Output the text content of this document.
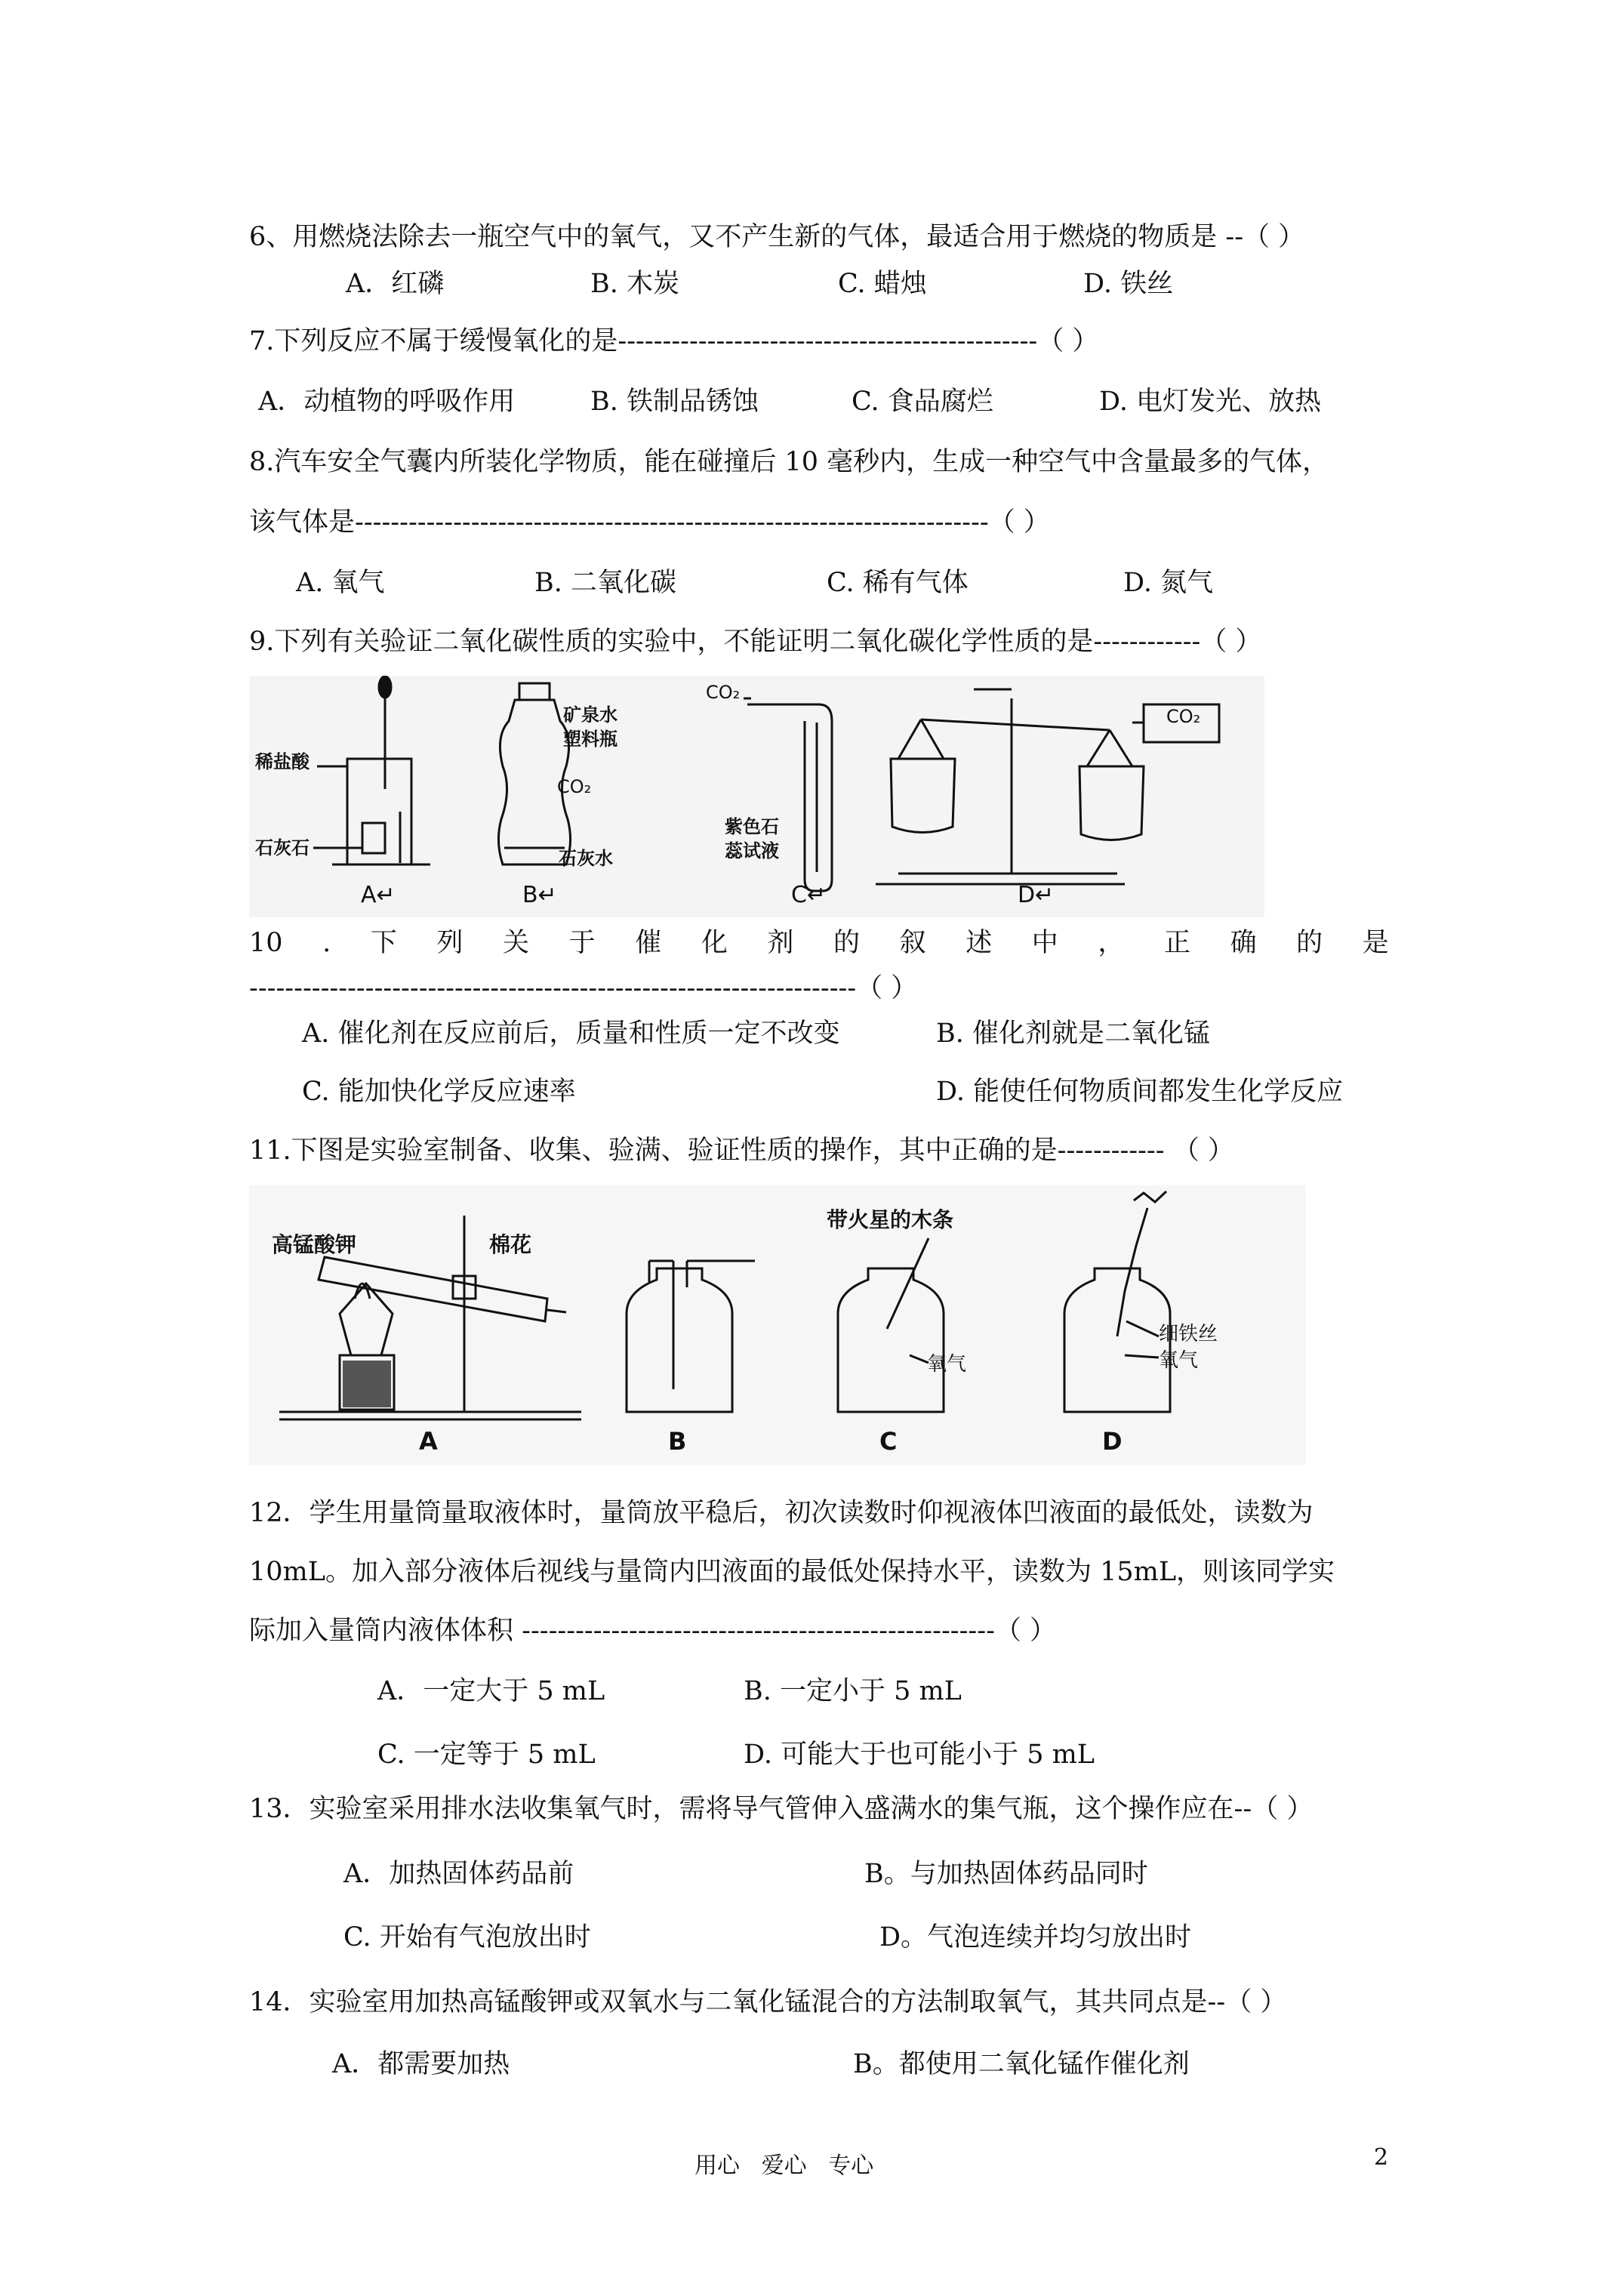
6、用燃烧法除去一瓶空气中的氧气，又不产生新的气体，最适合用于燃烧的物质是 --（ ）
A．红磷	B. 木炭	C. 蜡烛	D. 铁丝
7.下列反应不属于缓慢氧化的是-----------------------------------------------（ ）
A．动植物的呼吸作用	B. 铁制品锈蚀	C. 食品腐烂	D. 电灯发光、放热
8.汽车安全气囊内所装化学物质，能在碰撞后 10 毫秒内，生成一种空气中含量最多的气体，
该气体是-----------------------------------------------------------------------（ ）
A. 氧气	B. 二氧化碳	C. 稀有气体	D. 氮气
9.下列有关验证二氧化碳性质的实验中，不能证明二氧化碳化学性质的是------------（ ）
稀盐酸
石灰石
A↵
矿泉水
塑料瓶
CO₂
石灰水
B↵
CO₂
紫色石
蕊试液
C↵
CO₂
D↵
10 . 下 列 关 于 催 化 剂 的 叙 述 中 ， 正 确 的 是
--------------------------------------------------------------------（ ）
A. 催化剂在反应前后，质量和性质一定不改变	B. 催化剂就是二氧化锰
C. 能加快化学反应速率	D. 能使任何物质间都发生化学反应
11.下图是实验室制备、收集、验满、验证性质的操作，其中正确的是------------ （ ）
高锰酸钾	棉花
A	B
带火星的木条
氧气
C
细铁丝
氧气
D
12．学生用量筒量取液体时，量筒放平稳后，初次读数时仰视液体凹液面的最低处，读数为
10mL。加入部分液体后视线与量筒内凹液面的最低处保持水平，读数为 15mL，则该同学实
际加入量筒内液体体积 -----------------------------------------------------（ ）
A．一定大于 5 mL	B. 一定小于 5 mL
C. 一定等于 5 mL	D. 可能大于也可能小于 5 mL
13．实验室采用排水法收集氧气时，需将导气管伸入盛满水的集气瓶，这个操作应在--（ ）
A．加热固体药品前	B。与加热固体药品同时
C. 开始有气泡放出时	D。气泡连续并均匀放出时
14．实验室用加热高锰酸钾或双氧水与二氧化锰混合的方法制取氧气，其共同点是--（ ）
A．都需要加热	B。都使用二氧化锰作催化剂
用心   爱心   专心	2
